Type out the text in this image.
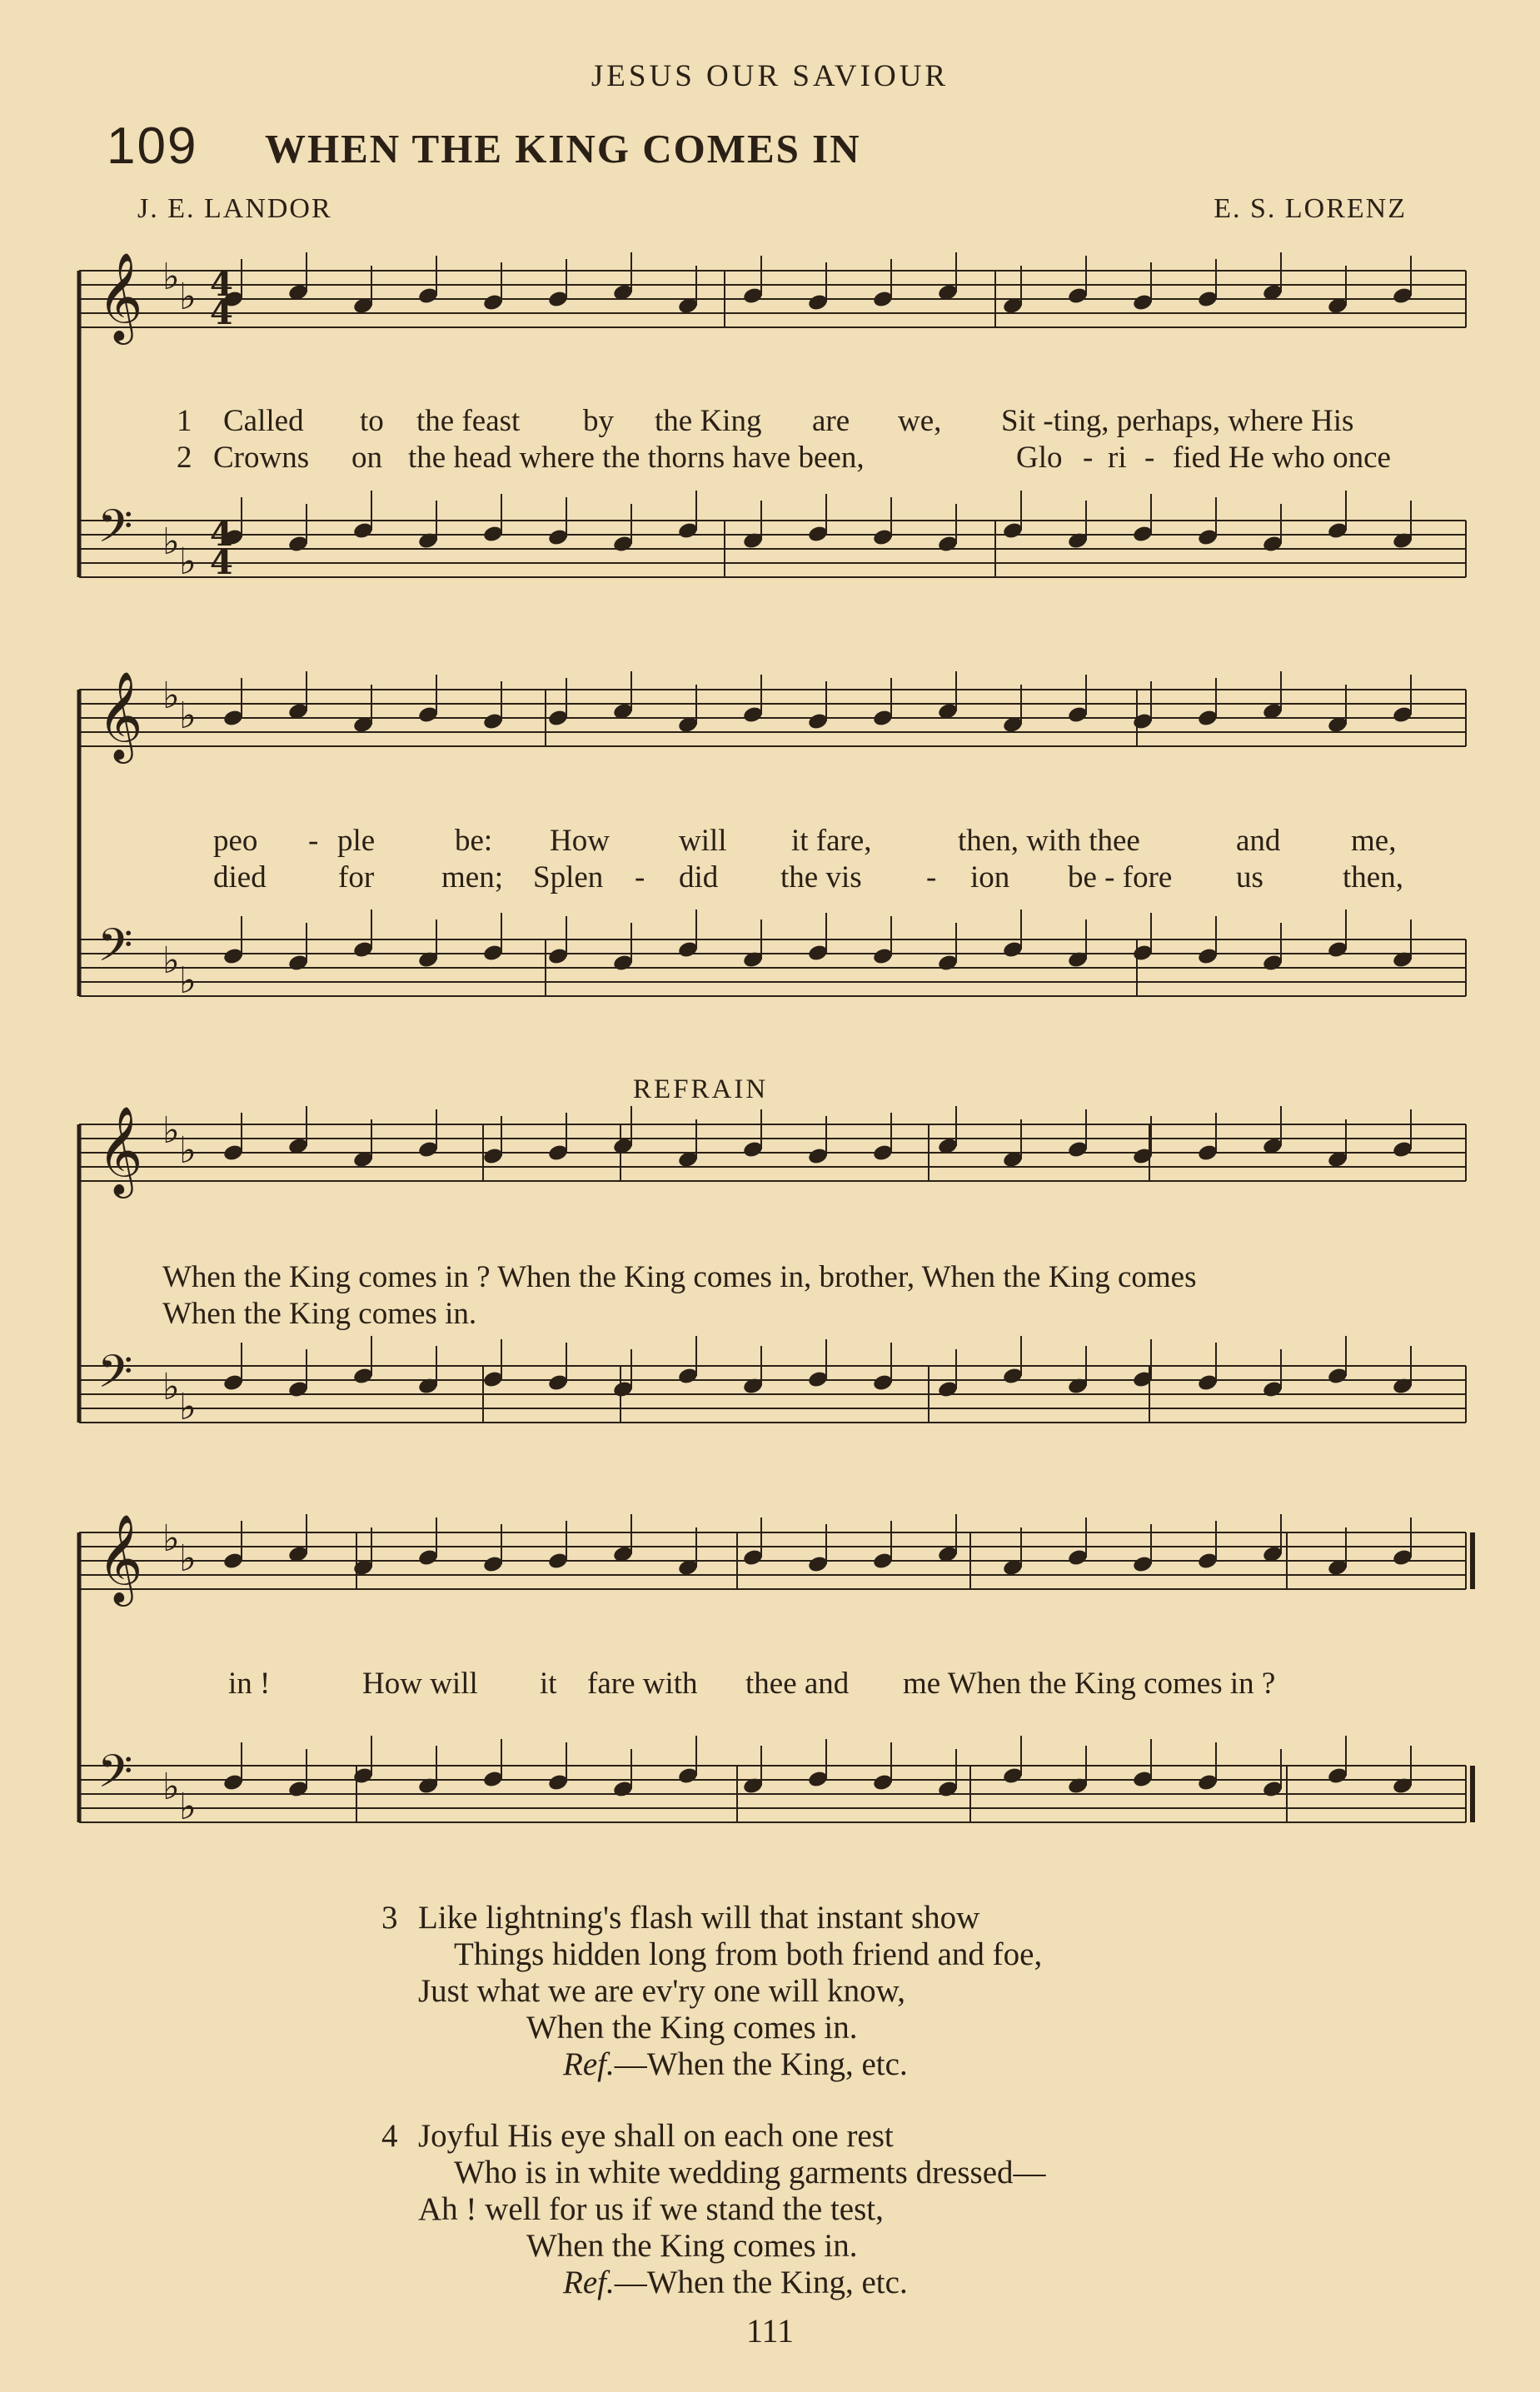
JESUS OUR SAVIOUR
109 WHEN THE KING COMES IN
J. E. LANDOR	E. S. LORENZ
𝄞 ♭ ♭
𝄢 ♭ ♭
𝄞 ♭ ♭
𝄢 ♭ ♭
𝄞 ♭ ♭
𝄢 ♭ ♭
𝄞 ♭ ♭
𝄢 ♭ ♭
4
4
4
4
1 Called to the feast by the King are we, Sit -ting, perhaps, where His
2 Crowns on the head where the thorns have been,	Glo - ri - fied He who once
peo - ple	be: How will it fare,	then, with thee	and me,
died for men; Splen - did the vis - ion be - fore us	then,
REFRAIN
When the King comes in ? When the King comes in, brother, When the King comes
When the King comes in.
in !	How will it fare with thee and me When the King comes in ?
3 Like lightning's flash will that instant show
Things hidden long from both friend and foe,
Just what we are ev'ry one will know,
When the King comes in.
Ref.—When the King, etc.
4 Joyful His eye shall on each one rest
Who is in white wedding garments dressed—
Ah ! well for us if we stand the test,
When the King comes in.
Ref.—When the King, etc.
111
